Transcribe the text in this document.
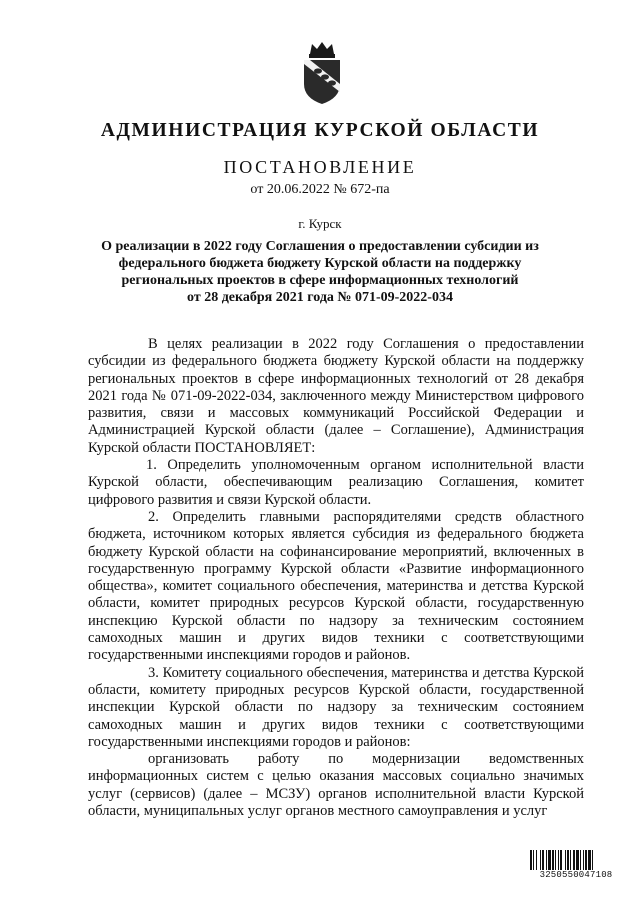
АДМИНИСТРАЦИЯ КУРСКОЙ ОБЛАСТИ
ПОСТАНОВЛЕНИЕ
от 20.06.2022 № 672-па
г. Курск
О реализации в 2022 году Соглашения о предоставлении субсидии из
федерального бюджета бюджету Курской области на поддержку
региональных проектов в сфере информационных технологий
от 28 декабря 2021 года № 071-09-2022-034

В целях реализации в 2022 году Соглашения о предоставлении субсидии из федерального бюджета бюджету Курской области на поддержку региональных проектов в сфере информационных технологий от 28 декабря 2021 года № 071-09-2022-034, заключенного между Министерством цифрового развития, связи и массовых коммуникаций Российской Федерации и Администрацией Курской области (далее – Соглашение), Администрация Курской области ПОСТАНОВЛЯЕТ:

1. Определить уполномоченным органом исполнительной власти Курской области, обеспечивающим реализацию Соглашения, комитет цифрового развития и связи Курской области.

2. Определить главными распорядителями средств областного бюджета, источником которых является субсидия из федерального бюджета бюджету Курской области на софинансирование мероприятий, включенных в государственную программу Курской области «Развитие информационного общества», комитет социального обеспечения, материнства и детства Курской области, комитет природных ресурсов Курской области, государственную инспекцию Курской области по надзору за техническим состоянием самоходных машин и других видов техники с соответствующими государственными инспекциями городов и районов.

3. Комитету социального обеспечения, материнства и детства Курской области, комитету природных ресурсов Курской области, государственной инспекции Курской области по надзору за техническим состоянием самоходных машин и других видов техники с соответствующими государственными инспекциями городов и районов:

организовать работу по модернизации ведомственных информационных систем с целью оказания массовых социально значимых услуг (сервисов) (далее – МСЗУ) органов исполнительной власти Курской области, муниципальных услуг органов местного самоуправления и услуг

3250550047108
